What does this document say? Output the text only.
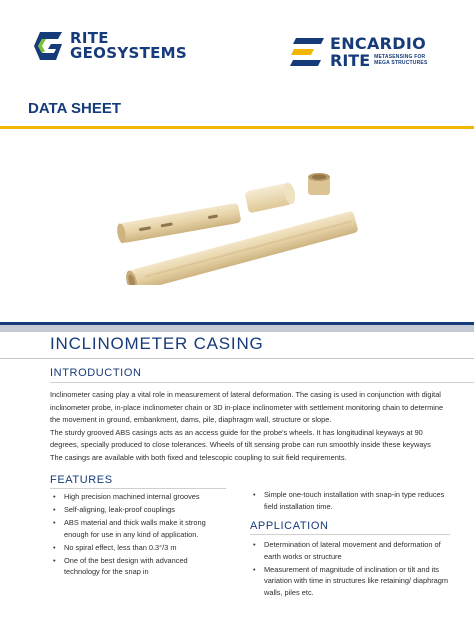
RITE
GEOSYSTEMS	ENCARDIO
RITE METASENSING FOR
MEGA STRUCTURES
DATA SHEET
INCLINOMETER CASING
INTRODUCTION

Inclinometer casing play a vital role in measurement of lateral deformation. The casing is used in conjunction with digital inclinometer probe, in-place inclinometer chain or 3D in-place inclinometer with settlement monitoring chain to determine the movement in ground, embankment, dams, pile, diaphragm wall, structure or slope.

The sturdy grooved ABS casings acts as an access guide for the probe's wheels. It has longitudinal keyways at 90 degrees, specially produced to close tolerances. Wheels of tilt sensing probe can run smoothly inside these keyways

The casings are available with both fixed and telescopic coupling to suit field requirements.

FEATURES
• High precision machined internal grooves
• Self-aligning, leak-proof couplings
• ABS material and thick walls make it strong enough for use in any kind of application.
• No spiral effect, less than 0.3°/3 m
• One of the best design with advanced technology for the snap in
• Simple one-touch installation with snap-in type reduces field installation time.
APPLICATION
• Determination of lateral movement and deformation of earth works or structure
• Measurement of magnitude of inclination or tilt and its variation with time in structures like retaining/ diaphragm walls, piles etc.
